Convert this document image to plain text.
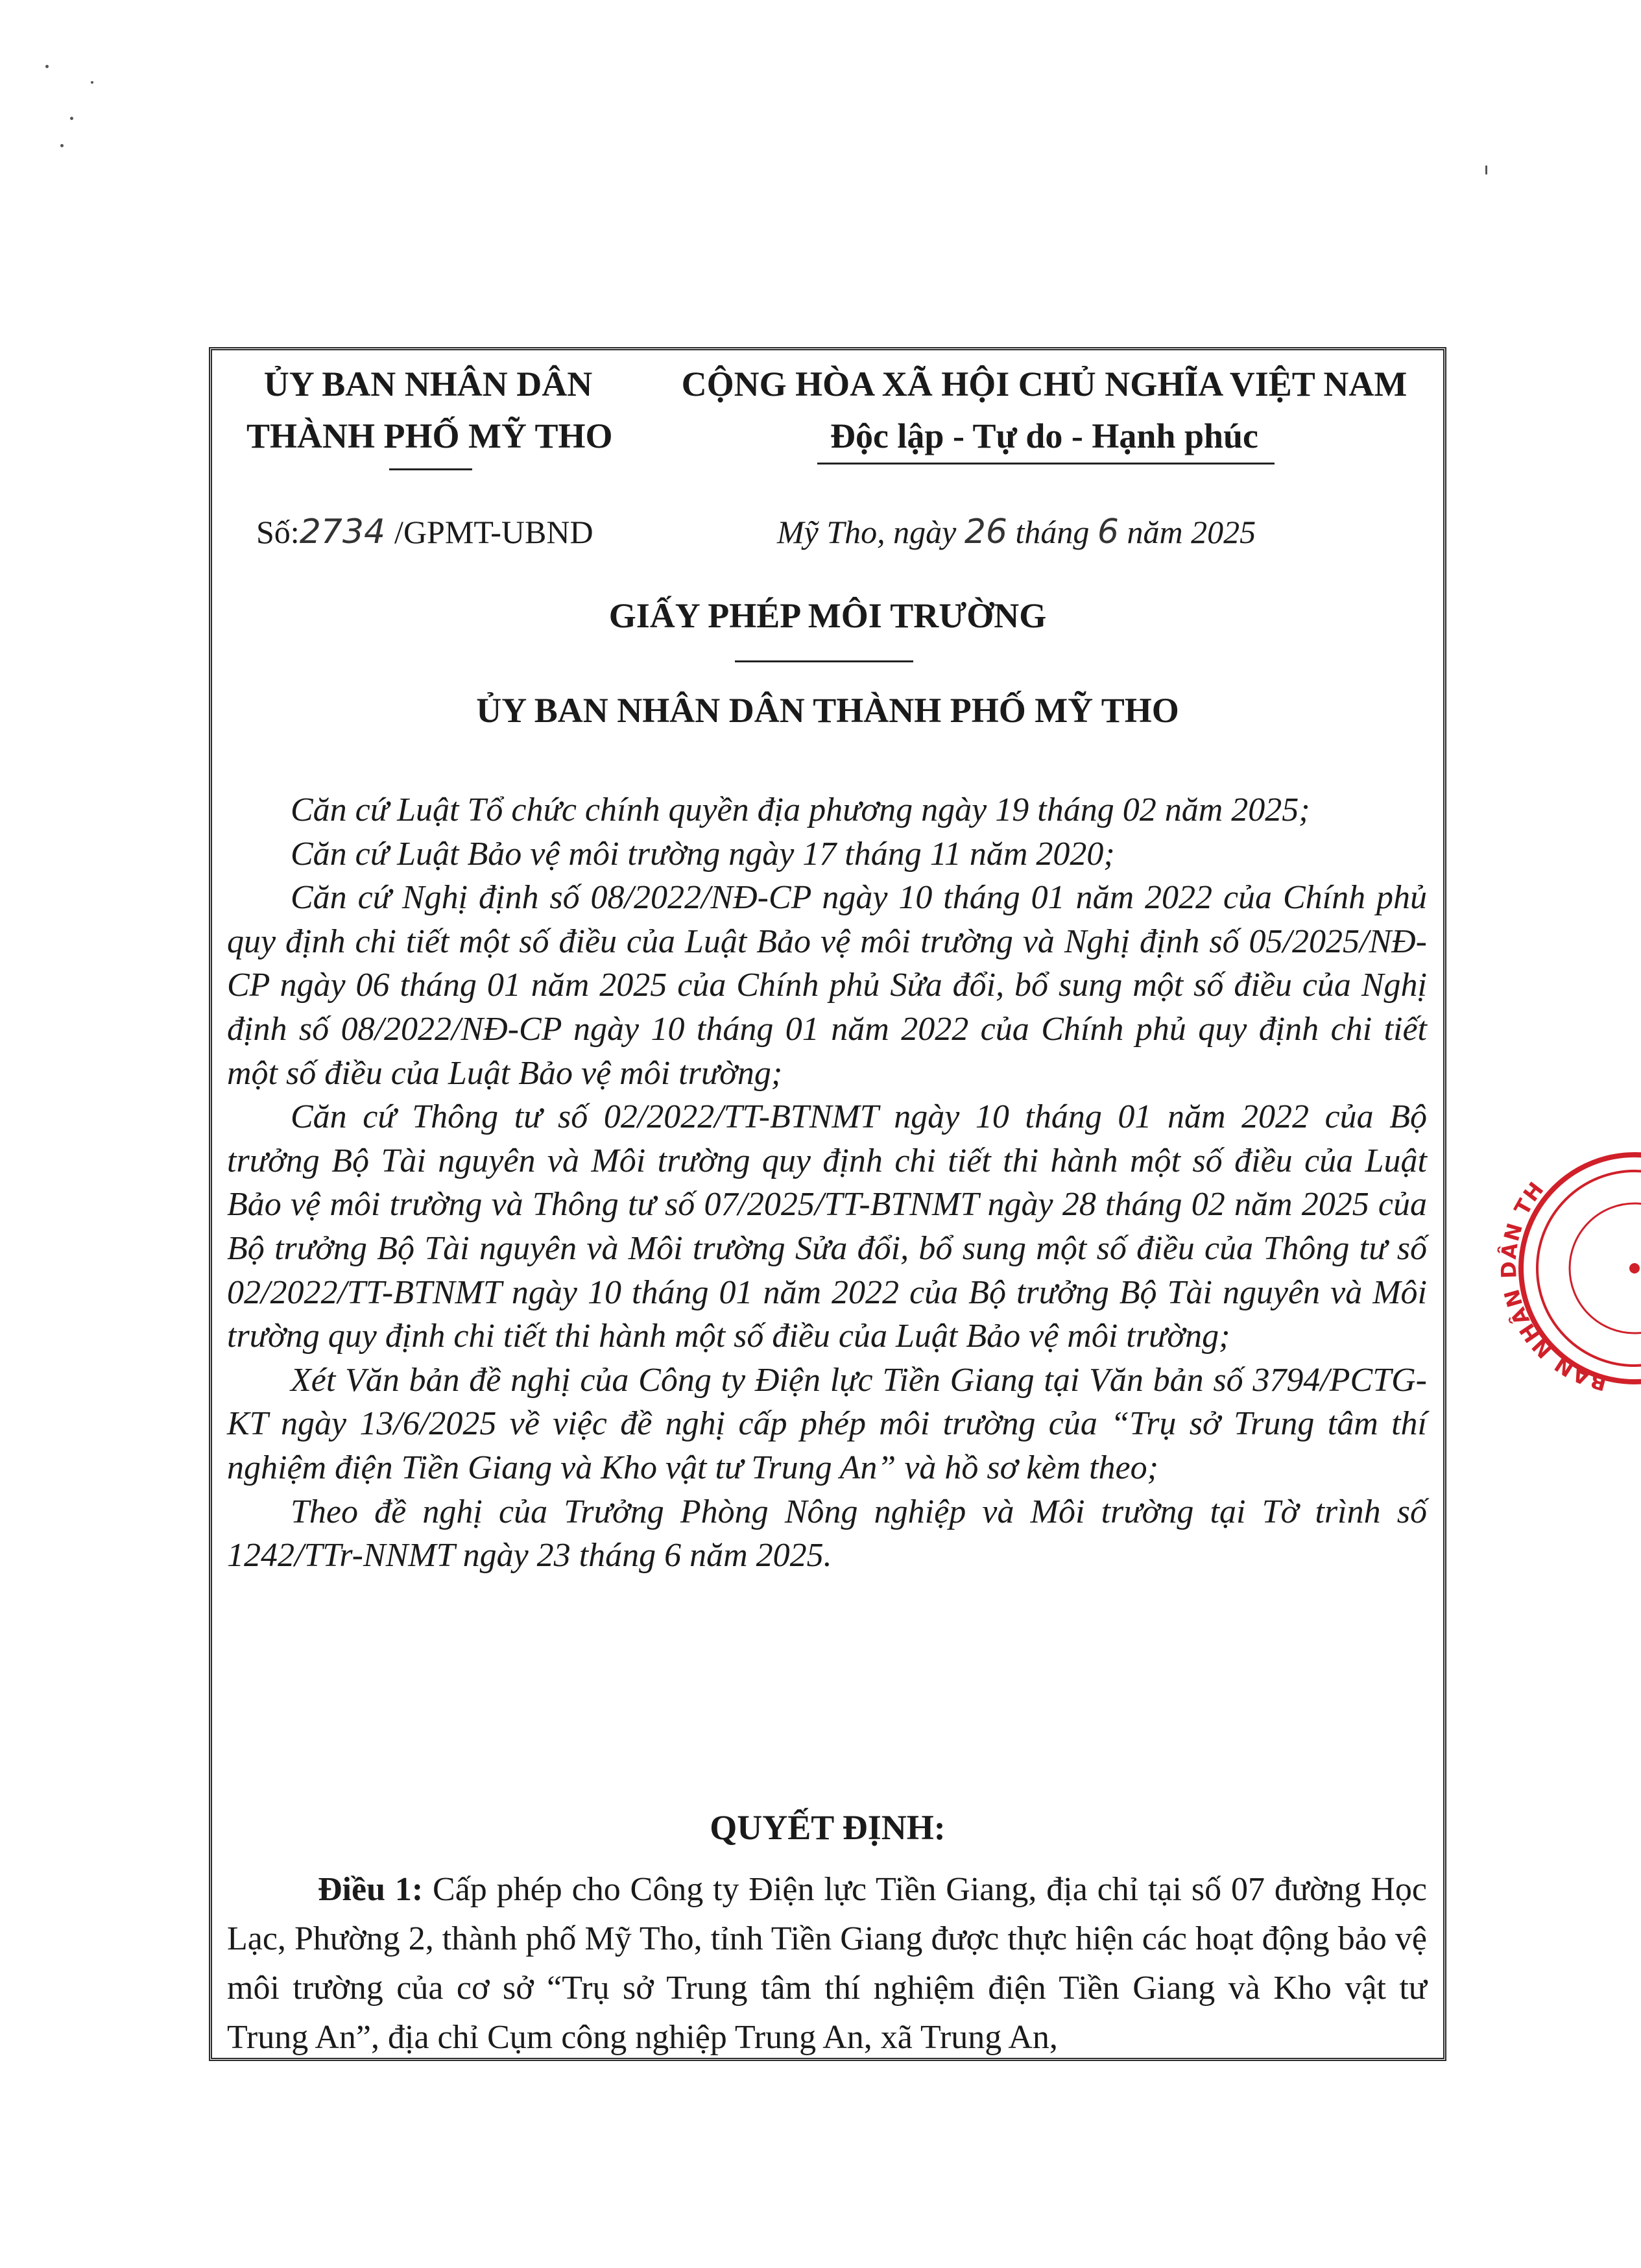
ỦY BAN NHÂN DÂN
THÀNH PHỐ MỸ THO
CỘNG HÒA XÃ HỘI CHỦ NGHĨA VIỆT NAM
Độc lập - Tự do - Hạnh phúc
Số:2734 /GPMT-UBND	Mỹ Tho, ngày 26 tháng 6 năm 2025
GIẤY PHÉP MÔI TRƯỜNG
ỦY BAN NHÂN DÂN THÀNH PHỐ MỸ THO

Căn cứ Luật Tổ chức chính quyền địa phương ngày 19 tháng 02 năm 2025;

Căn cứ Luật Bảo vệ môi trường ngày 17 tháng 11 năm 2020;

Căn cứ Nghị định số 08/2022/NĐ-CP ngày 10 tháng 01 năm 2022 của Chính phủ quy định chi tiết một số điều của Luật Bảo vệ môi trường và Nghị định số 05/2025/NĐ-CP ngày 06 tháng 01 năm 2025 của Chính phủ Sửa đổi, bổ sung một số điều của Nghị định số 08/2022/NĐ-CP ngày 10 tháng 01 năm 2022 của Chính phủ quy định chi tiết một số điều của Luật Bảo vệ môi trường;

Căn cứ Thông tư số 02/2022/TT-BTNMT ngày 10 tháng 01 năm 2022 của Bộ trưởng Bộ Tài nguyên và Môi trường quy định chi tiết thi hành một số điều của Luật Bảo vệ môi trường và Thông tư số 07/2025/TT-BTNMT ngày 28 tháng 02 năm 2025 của Bộ trưởng Bộ Tài nguyên và Môi trường Sửa đổi, bổ sung một số điều của Thông tư số 02/2022/TT-BTNMT ngày 10 tháng 01 năm 2022 của Bộ trưởng Bộ Tài nguyên và Môi trường quy định chi tiết thi hành một số điều của Luật Bảo vệ môi trường;

Xét Văn bản đề nghị của Công ty Điện lực Tiền Giang tại Văn bản số 3794/PCTG-KT ngày 13/6/2025 về việc đề nghị cấp phép môi trường của “Trụ sở Trung tâm thí nghiệm điện Tiền Giang và Kho vật tư Trung An” và hồ sơ kèm theo;

Theo đề nghị của Trưởng Phòng Nông nghiệp và Môi trường tại Tờ trình số 1242/TTr-NNMT ngày 23 tháng 6 năm 2025.

QUYẾT ĐỊNH:

Điều 1: Cấp phép cho Công ty Điện lực Tiền Giang, địa chỉ tại số 07 đường Học Lạc, Phường 2, thành phố Mỹ Tho, tỉnh Tiền Giang được thực hiện các hoạt động bảo vệ môi trường của cơ sở “Trụ sở Trung tâm thí nghiệm điện Tiền Giang và Kho vật tư Trung An”, địa chỉ Cụm công nghiệp Trung An, xã Trung An,

BAN NHÂN DÂN TH
